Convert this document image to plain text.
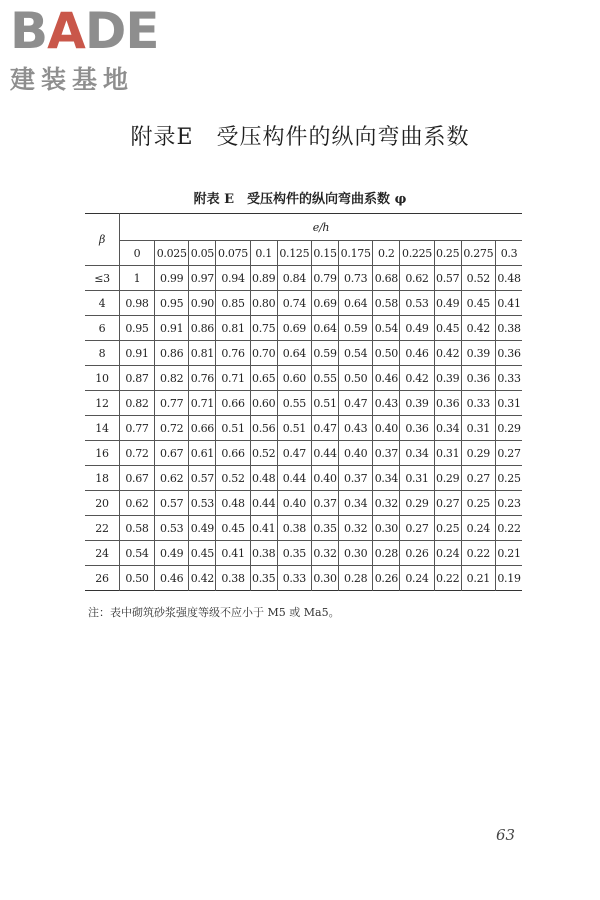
BADE
建装基地
附录E　受压构件的纵向弯曲系数
附表 E　受压构件的纵向弯曲系数 φ
β	e/h												
	0	0.025	0.05	0.075	0.1	0.125	0.15	0.175	0.2	0.225	0.25	0.275	0.3
≤3	1	0.99	0.97	0.94	0.89	0.84	0.79	0.73	0.68	0.62	0.57	0.52	0.48
4	0.98	0.95	0.90	0.85	0.80	0.74	0.69	0.64	0.58	0.53	0.49	0.45	0.41
6	0.95	0.91	0.86	0.81	0.75	0.69	0.64	0.59	0.54	0.49	0.45	0.42	0.38
8	0.91	0.86	0.81	0.76	0.70	0.64	0.59	0.54	0.50	0.46	0.42	0.39	0.36
10	0.87	0.82	0.76	0.71	0.65	0.60	0.55	0.50	0.46	0.42	0.39	0.36	0.33
12	0.82	0.77	0.71	0.66	0.60	0.55	0.51	0.47	0.43	0.39	0.36	0.33	0.31
14	0.77	0.72	0.66	0.51	0.56	0.51	0.47	0.43	0.40	0.36	0.34	0.31	0.29
16	0.72	0.67	0.61	0.66	0.52	0.47	0.44	0.40	0.37	0.34	0.31	0.29	0.27
18	0.67	0.62	0.57	0.52	0.48	0.44	0.40	0.37	0.34	0.31	0.29	0.27	0.25
20	0.62	0.57	0.53	0.48	0.44	0.40	0.37	0.34	0.32	0.29	0.27	0.25	0.23
22	0.58	0.53	0.49	0.45	0.41	0.38	0.35	0.32	0.30	0.27	0.25	0.24	0.22
24	0.54	0.49	0.45	0.41	0.38	0.35	0.32	0.30	0.28	0.26	0.24	0.22	0.21
26	0.50	0.46	0.42	0.38	0.35	0.33	0.30	0.28	0.26	0.24	0.22	0.21	0.19
注：表中砌筑砂浆强度等级不应小于 M5 或 Ma5。
63
